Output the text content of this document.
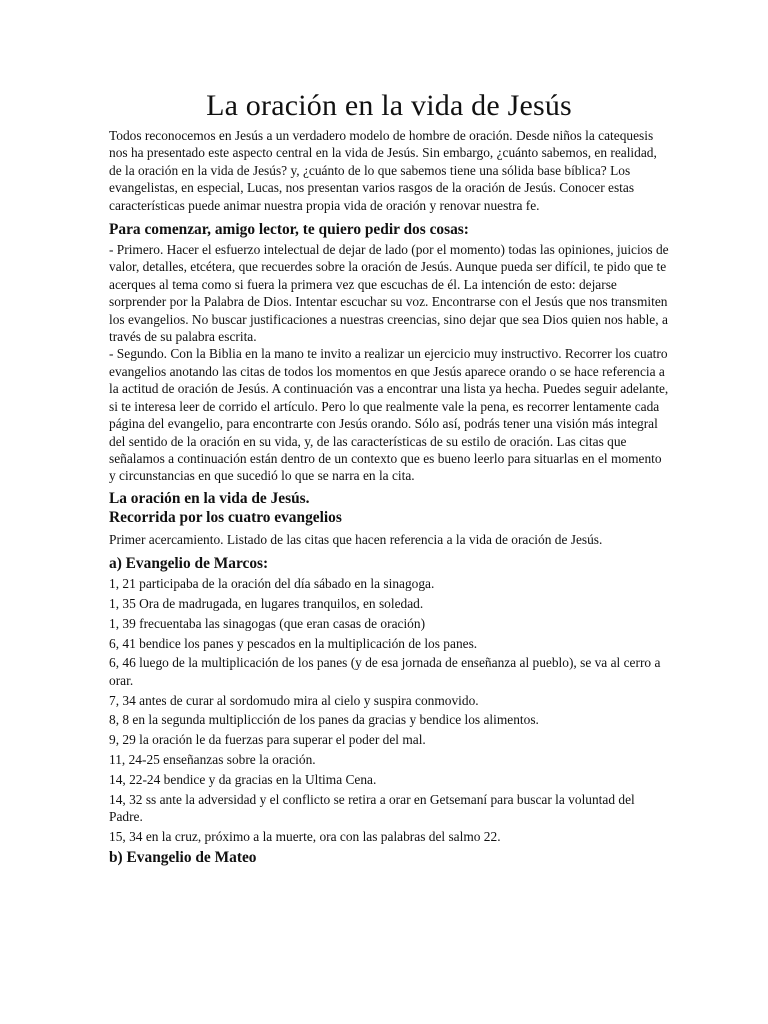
La oración en la vida de Jesús

Todos reconocemos en Jesús a un verdadero modelo de hombre de oración. Desde niños la catequesis nos ha presentado este aspecto central en la vida de Jesús. Sin embargo, ¿cuánto sabemos, en realidad, de la oración en la vida de Jesús? y, ¿cuánto de lo que sabemos tiene una sólida base bíblica? Los evangelistas, en especial, Lucas, nos presentan varios rasgos de la oración de Jesús. Conocer estas características puede animar nuestra propia vida de oración y renovar nuestra fe.

Para comenzar, amigo lector, te quiero pedir dos cosas:

- Primero. Hacer el esfuerzo intelectual de dejar de lado (por el momento) todas las opiniones, juicios de valor, detalles, etcétera, que recuerdes sobre la oración de Jesús. Aunque pueda ser difícil, te pido que te acerques al tema como si fuera la primera vez que escuchas de él. La intención de esto: dejarse sorprender por la Palabra de Dios. Intentar escuchar su voz. Encontrarse con el Jesús que nos transmiten los evangelios. No buscar justificaciones a nuestras creencias, sino dejar que sea Dios quien nos hable, a través de su palabra escrita.

- Segundo. Con la Biblia en la mano te invito a realizar un ejercicio muy instructivo. Recorrer los cuatro evangelios anotando las citas de todos los momentos en que Jesús aparece orando o se hace referencia a la actitud de oración de Jesús. A continuación vas a encontrar una lista ya hecha. Puedes seguir adelante, si te interesa leer de corrido el artículo. Pero lo que realmente vale la pena, es recorrer lentamente cada página del evangelio, para encontrarte con Jesús orando. Sólo así, podrás tener una visión más integral del sentido de la oración en su vida, y, de las características de su estilo de oración. Las citas que señalamos a continuación están dentro de un contexto que es bueno leerlo para situarlas en el momento y circunstancias en que sucedió lo que se narra en la cita.

La oración en la vida de Jesús.

Recorrida por los cuatro evangelios

Primer acercamiento. Listado de las citas que hacen referencia a la vida de oración de Jesús.

a) Evangelio de Marcos:

1, 21 participaba de la oración del día sábado en la sinagoga.

1, 35 Ora de madrugada, en lugares tranquilos, en soledad.

1, 39 frecuentaba las sinagogas (que eran casas de oración)

6, 41 bendice los panes y pescados en la multiplicación de los panes.

6, 46 luego de la multiplicación de los panes (y de esa jornada de enseñanza al pueblo), se va al cerro a orar.

7, 34 antes de curar al sordomudo mira al cielo y suspira conmovido.

8, 8 en la segunda multiplicción de los panes da gracias y bendice los alimentos.

9, 29 la oración le da fuerzas para superar el poder del mal.

11, 24-25 enseñanzas sobre la oración.

14, 22-24 bendice y da gracias en la Ultima Cena.

14, 32 ss ante la adversidad y el conflicto se retira a orar en Getsemaní para buscar la voluntad del Padre.

15, 34 en la cruz, próximo a la muerte, ora con las palabras del salmo 22.

b) Evangelio de Mateo
